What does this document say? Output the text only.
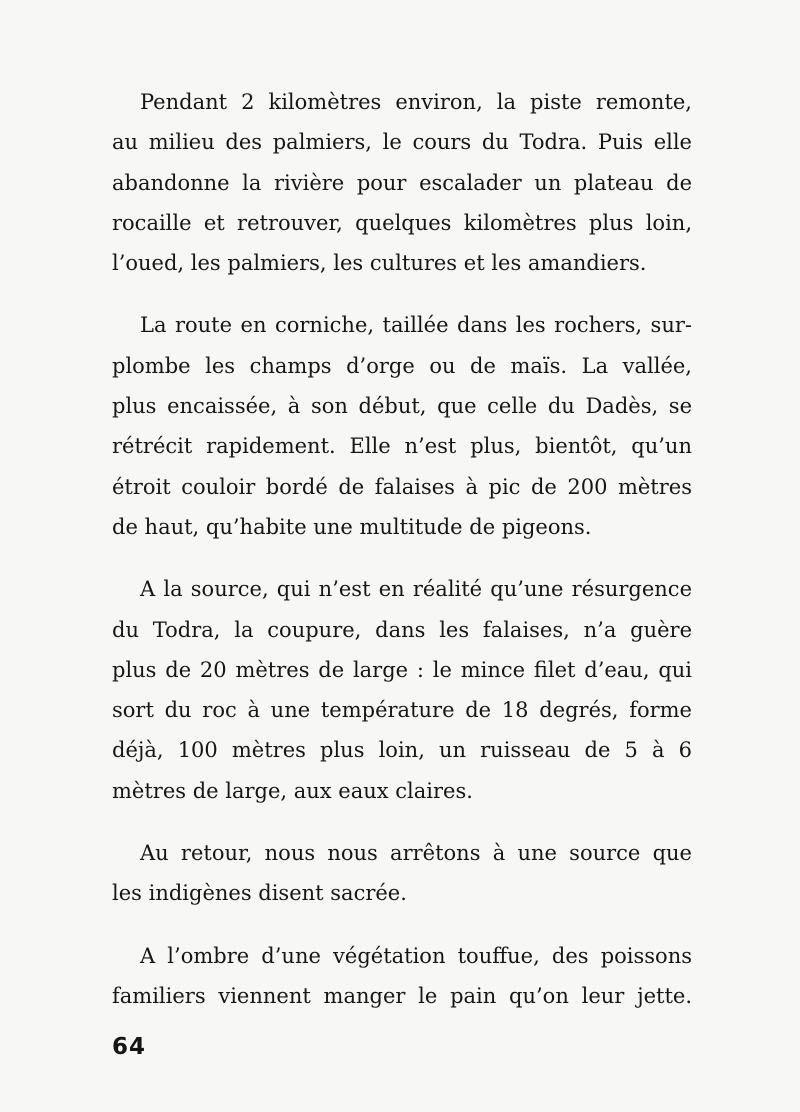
Pendant 2 kilomètres environ, la piste remonte,
au milieu des palmiers, le cours du Todra. Puis elle
abandonne la rivière pour escalader un plateau de
rocaille et retrouver, quelques kilomètres plus loin,
l’oued, les palmiers, les cultures et les amandiers.

La route en corniche, taillée dans les rochers, sur-
plombe les champs d’orge ou de maïs. La vallée,
plus encaissée, à son début, que celle du Dadès, se
rétrécit rapidement. Elle n’est plus, bientôt, qu’un
étroit couloir bordé de falaises à pic de 200 mètres
de haut, qu’habite une multitude de pigeons.

A la source, qui n’est en réalité qu’une résurgence
du Todra, la coupure, dans les falaises, n’a guère
plus de 20 mètres de large : le mince filet d’eau, qui
sort du roc à une température de 18 degrés, forme
déjà, 100 mètres plus loin, un ruisseau de 5 à 6
mètres de large, aux eaux claires.

Au retour, nous nous arrêtons à une source que
les indigènes disent sacrée.

A l’ombre d’une végétation touffue, des poissons
familiers viennent manger le pain qu’on leur jette.

64
